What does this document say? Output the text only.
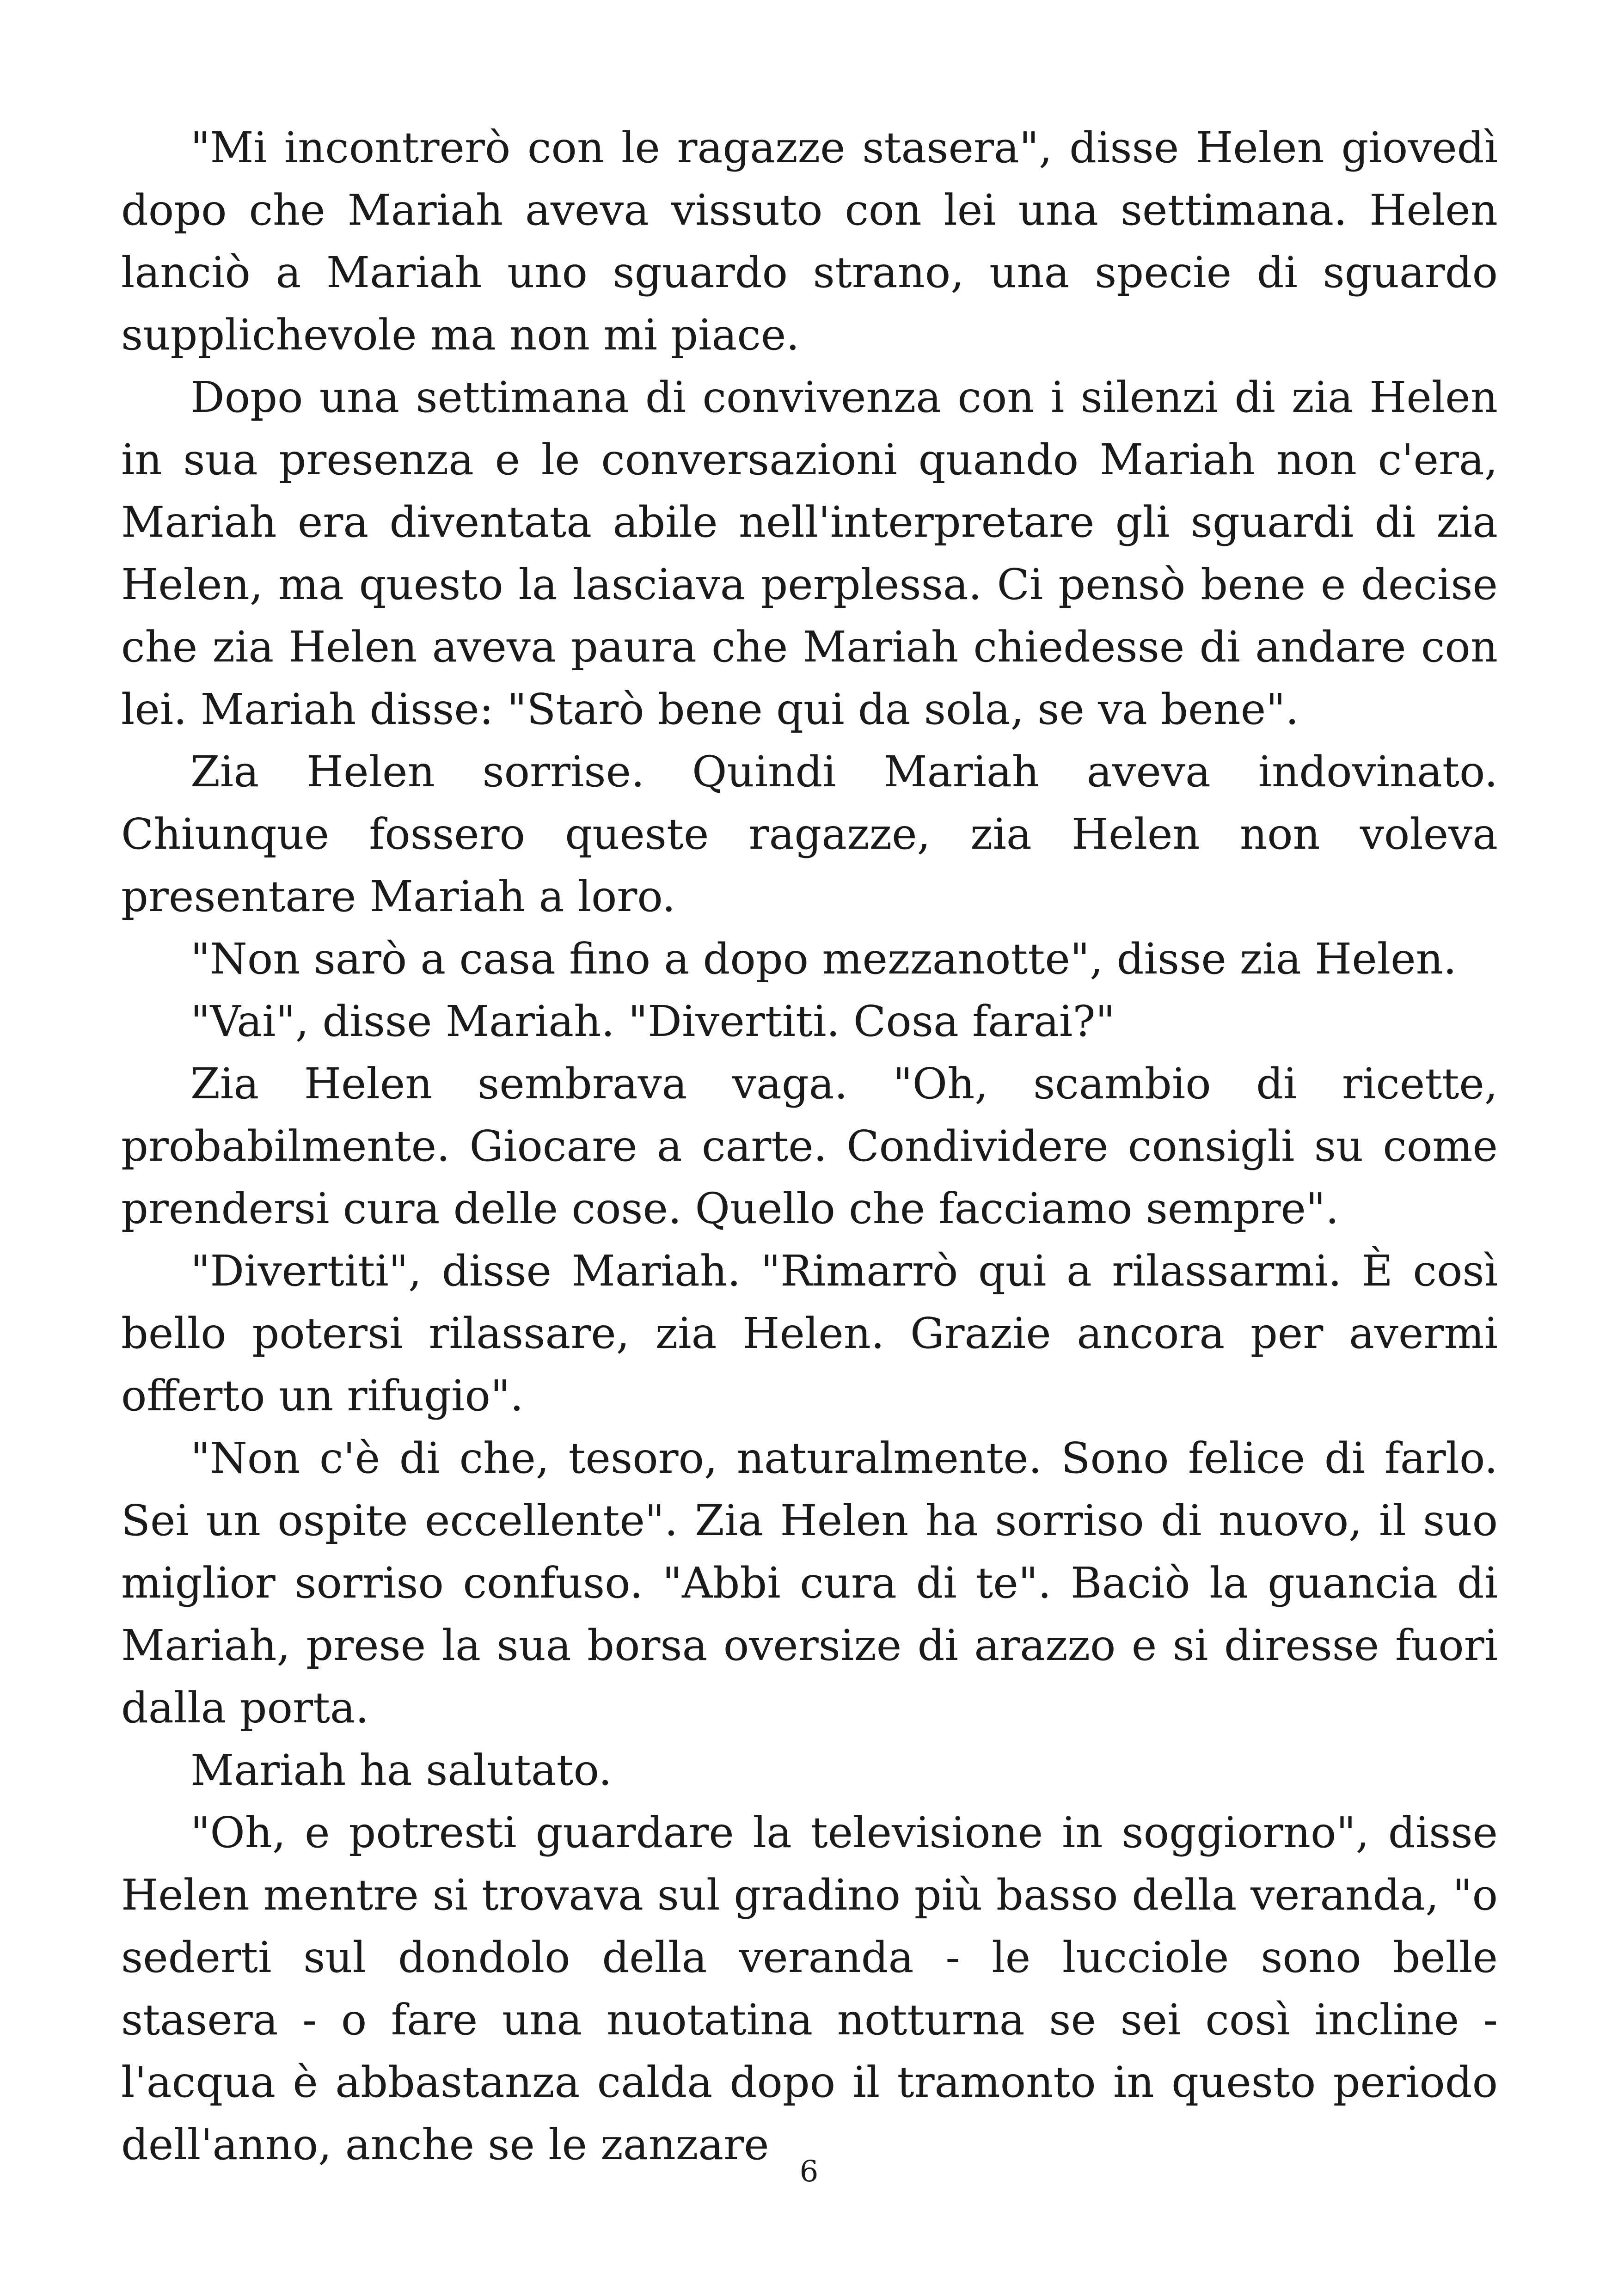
"Mi incontrerò con le ragazze stasera", disse Helen giovedì dopo che Mariah aveva vissuto con lei una settimana. Helen lanciò a Mariah uno sguardo strano, una specie di sguardo supplichevole ma non mi piace.

Dopo una settimana di convivenza con i silenzi di zia Helen in sua presenza e le conversazioni quando Mariah non c'era, Mariah era diventata abile nell'interpretare gli sguardi di zia Helen, ma questo la lasciava perplessa. Ci pensò bene e decise che zia Helen aveva paura che Mariah chiedesse di andare con lei. Mariah disse: "Starò bene qui da sola, se va bene".

Zia Helen sorrise. Quindi Mariah aveva indovinato. Chiunque fossero queste ragazze, zia Helen non voleva presentare Mariah a loro.

"Non sarò a casa fino a dopo mezzanotte", disse zia Helen.

"Vai", disse Mariah. "Divertiti. Cosa farai?"

Zia Helen sembrava vaga. "Oh, scambio di ricette, probabilmente. Giocare a carte. Condividere consigli su come prendersi cura delle cose. Quello che facciamo sempre".

"Divertiti", disse Mariah. "Rimarrò qui a rilassarmi. È così bello potersi rilassare, zia Helen. Grazie ancora per avermi offerto un rifugio".

"Non c'è di che, tesoro, naturalmente. Sono felice di farlo. Sei un ospite eccellente". Zia Helen ha sorriso di nuovo, il suo miglior sorriso confuso. "Abbi cura di te". Baciò la guancia di Mariah, prese la sua borsa oversize di arazzo e si diresse fuori dalla porta.

Mariah ha salutato.

"Oh, e potresti guardare la televisione in soggiorno", disse Helen mentre si trovava sul gradino più basso della veranda, "o sederti sul dondolo della veranda - le lucciole sono belle stasera - o fare una nuotatina notturna se sei così incline - l'acqua è abbastanza calda dopo il tramonto in questo periodo dell'anno, anche se le zanzare

6
